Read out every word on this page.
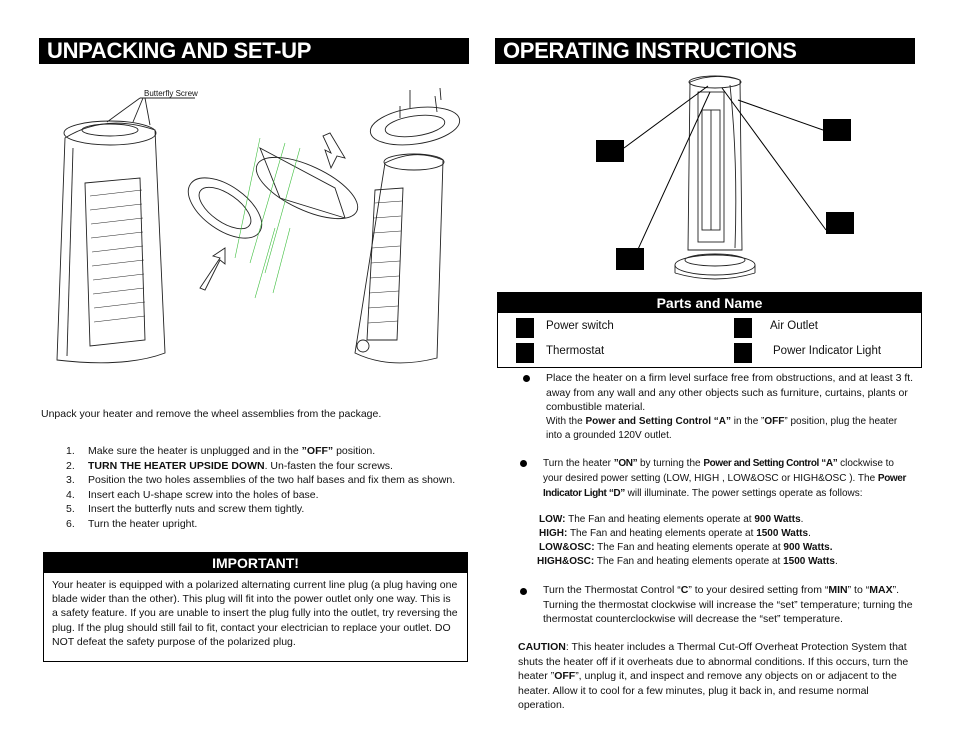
UNPACKING AND SET-UP
Butterfly Screw
Unpack your heater and remove the wheel assemblies from the package.
1. Make sure the heater is unplugged and in the ”OFF” position.
2. TURN THE HEATER UPSIDE DOWN. Un-fasten the four screws.
3. Position the two holes assemblies of the two half bases and fix them as shown.
4. Insert each U-shape screw into the holes of base.
5. Insert the butterfly nuts and screw them tightly.
6. Turn the heater upright.
IMPORTANT!
Your heater is equipped with a polarized alternating current line plug (a plug having one blade wider than the other). This plug will fit into the power outlet only one way. This is a safety feature. If you are unable to insert the plug fully into the outlet, try reversing the plug. If the plug should still fail to fit, contact your electrician to replace your outlet. DO NOT defeat the safety purpose of the polarized plug.
OPERATING INSTRUCTIONS
Parts and Name
Power switch	Air Outlet
Thermostat	Power Indicator Light
Place the heater on a firm level surface free from obstructions, and at least 3 ft. away from any wall and any other objects such as furniture, curtains, plants or combustible material.
With the Power and Setting Control “A” in the ”OFF” position, plug the heater into a grounded 120V outlet.
Turn the heater ”ON” by turning the Power and Setting Control “A” clockwise to your desired power setting (LOW, HIGH , LOW&OSC or HIGH&OSC ). The Power Indicator Light “D” will illuminate. The power settings operate as follows:
LOW: The Fan and heating elements operate at 900 Watts.
HIGH: The Fan and heating elements operate at 1500 Watts.
LOW&OSC: The Fan and heating elements operate at 900 Watts.
HIGH&OSC: The Fan and heating elements operate at 1500 Watts.
Turn the Thermostat Control “C” to your desired setting from “MIN” to “MAX”. Turning the thermostat clockwise will increase the “set” temperature; turning the thermostat counterclockwise will decrease the “set” temperature.
CAUTION: This heater includes a Thermal Cut-Off Overheat Protection System that shuts the heater off if it overheats due to abnormal conditions. If this occurs, turn the heater ”OFF”, unplug it, and inspect and remove any objects on or adjacent to the heater. Allow it to cool for a few minutes, plug it back in, and resume normal operation.
